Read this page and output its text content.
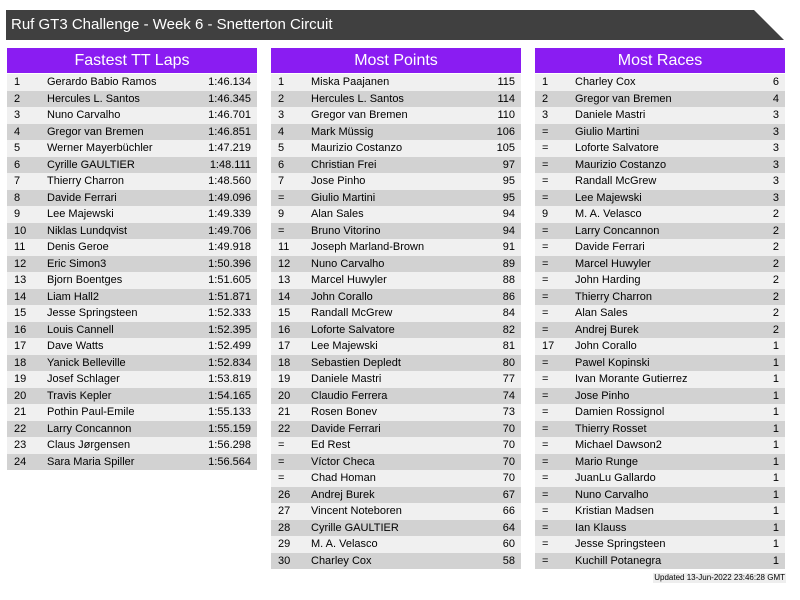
Ruf GT3 Challenge - Week 6 - Snetterton Circuit
Fastest TT Laps
1	Gerardo Babio Ramos	1:46.134
2	Hercules L. Santos	1:46.345
3	Nuno Carvalho	1:46.701
4	Gregor van Bremen	1:46.851
5	Werner Mayerbüchler	1:47.219
6	Cyrille GAULTIER	1:48.111
7	Thierry Charron	1:48.560
8	Davide Ferrari	1:49.096
9	Lee Majewski	1:49.339
10	Niklas Lundqvist	1:49.706
11	Denis Geroe	1:49.918
12	Eric Simon3	1:50.396
13	Bjorn Boentges	1:51.605
14	Liam Hall2	1:51.871
15	Jesse Springsteen	1:52.333
16	Louis Cannell	1:52.395
17	Dave Watts	1:52.499
18	Yanick Belleville	1:52.834
19	Josef Schlager	1:53.819
20	Travis Kepler	1:54.165
21	Pothin Paul-Emile	1:55.133
22	Larry Concannon	1:55.159
23	Claus Jørgensen	1:56.298
24	Sara Maria Spiller	1:56.564
Most Points
1	Miska Paajanen	115
2	Hercules L. Santos	114
3	Gregor van Bremen	110
4	Mark Müssig	106
5	Maurizio Costanzo	105
6	Christian Frei	97
7	Jose Pinho	95
=	Giulio Martini	95
9	Alan Sales	94
=	Bruno Vitorino	94
11	Joseph Marland-Brown	91
12	Nuno Carvalho	89
13	Marcel Huwyler	88
14	John Corallo	86
15	Randall McGrew	84
16	Loforte Salvatore	82
17	Lee Majewski	81
18	Sebastien Depledt	80
19	Daniele Mastri	77
20	Claudio Ferrera	74
21	Rosen Bonev	73
22	Davide Ferrari	70
=	Ed Rest	70
=	Víctor Checa	70
=	Chad Homan	70
26	Andrej Burek	67
27	Vincent Noteboren	66
28	Cyrille GAULTIER	64
29	M. A. Velasco	60
30	Charley Cox	58
Most Races
1	Charley Cox	6
2	Gregor van Bremen	4
3	Daniele Mastri	3
=	Giulio Martini	3
=	Loforte Salvatore	3
=	Maurizio Costanzo	3
=	Randall McGrew	3
=	Lee Majewski	3
9	M. A. Velasco	2
=	Larry Concannon	2
=	Davide Ferrari	2
=	Marcel Huwyler	2
=	John Harding	2
=	Thierry Charron	2
=	Alan Sales	2
=	Andrej Burek	2
17	John Corallo	1
=	Pawel Kopinski	1
=	Ivan Morante Gutierrez	1
=	Jose Pinho	1
=	Damien Rossignol	1
=	Thierry Rosset	1
=	Michael Dawson2	1
=	Mario Runge	1
=	JuanLu Gallardo	1
=	Nuno Carvalho	1
=	Kristian Madsen	1
=	Ian Klauss	1
=	Jesse Springsteen	1
=	Kuchill Potanegra	1
Updated 13-Jun-2022 23:46:28 GMT
